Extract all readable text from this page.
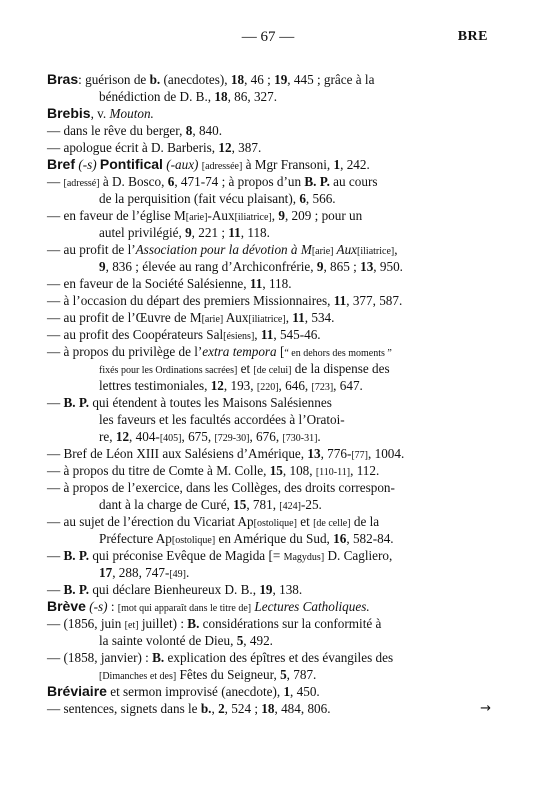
— 67 —	BRE
Bras: guérison de b. (anecdotes), 18, 46 ; 19, 445 ; grâce à la
bénédiction de D. B., 18, 86, 327.
Brebis, v. Mouton.
— dans le rêve du berger, 8, 840.
— apologue écrit à D. Barberis, 12, 387.
Bref (-s) Pontifical (-aux) [adressée] à Mgr Fransoni, 1, 242.
— [adressé] à D. Bosco, 6, 471-74 ; à propos d’un B. P. au cours
de la perquisition (fait vécu plaisant), 6, 566.
— en faveur de l’église M[arie]-Aux[iliatrice], 9, 209 ; pour un
autel privilégié, 9, 221 ; 11, 118.
— au profit de l’Association pour la dévotion à M[arie] Aux[iliatrice],
9, 836 ; élevée au rang d’Archiconfrérie, 9, 865 ; 13, 950.
— en faveur de la Société Salésienne, 11, 118.
— à l’occasion du départ des premiers Missionnaires, 11, 377, 587.
— au profit de l’Œuvre de M[arie] Aux[iliatrice], 11, 534.
— au profit des Coopérateurs Sal[ésiens], 11, 545-46.
— à propos du privilège de l’extra tempora [“ en dehors des moments ”
fixés pour les Ordinations sacrées] et [de celui] de la dispense des
lettres testimoniales, 12, 193, [220], 646, [723], 647.
— B. P. qui étendent à toutes les Maisons Salésiennes
les faveurs et les facultés accordées à l’Oratoi-
re, 12, 404-[405], 675, [729-30], 676, [730-31].
— Bref de Léon XIII aux Salésiens d’Amérique, 13, 776-[77], 1004.
— à propos du titre de Comte à M. Colle, 15, 108, [110-11], 112.
— à propos de l’exercice, dans les Collèges, des droits correspon-
dant à la charge de Curé, 15, 781, [424]-25.
— au sujet de l’érection du Vicariat Ap[ostolique] et [de celle] de la
Préfecture Ap[ostolique] en Amérique du Sud, 16, 582-84.
— B. P. qui préconise Evêque de Magida [= Magydus] D. Cagliero,
17, 288, 747-[49].
— B. P. qui déclare Bienheureux D. B., 19, 138.
Brève (-s) : [mot qui apparaît dans le titre de] Lectures Catholiques.
— (1856, juin [et] juillet) : B. considérations sur la conformité à
la sainte volonté de Dieu, 5, 492.
— (1858, janvier) : B. explication des épîtres et des évangiles des
[Dimanches et des] Fêtes du Seigneur, 5, 787.
Bréviaire et sermon improvisé (anecdote), 1, 450.
— sentences, signets dans le b., 2, 524 ; 18, 484, 806.	→
